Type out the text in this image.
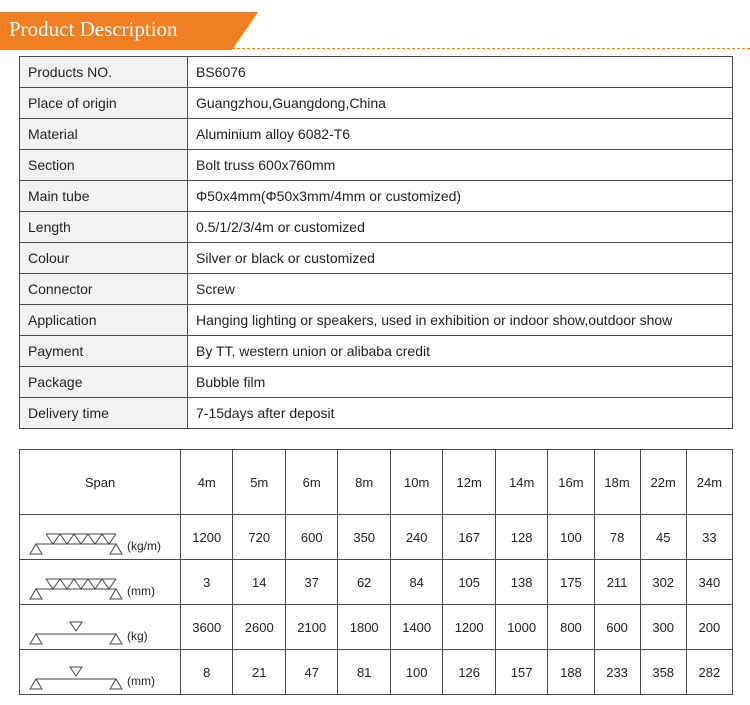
Product Description
Products NO.	BS6076
Place of origin	Guangzhou,Guangdong,China
Material	Aluminium alloy 6082-T6
Section	Bolt truss 600x760mm
Main tube	Φ50x4mm(Φ50x3mm/4mm or customized)
Length	0.5/1/2/3/4m or customized
Colour	Silver or black or customized
Connector	Screw
Application	Hanging lighting or speakers, used in exhibition or indoor show,outdoor show
Payment	By TT, western union or alibaba credit
Package	Bubble film
Delivery time	7-15days after deposit
Span	4m	5m	6m	8m	10m	12m	14m	16m	18m	22m	24m

(kg/m)	1200	720	600	350	240	167	128	100	78	45	33

(mm)	3	14	37	62	84	105	138	175	211	302	340

(kg)	3600	2600	2100	1800	1400	1200	1000	800	600	300	200

(mm)	8	21	47	81	100	126	157	188	233	358	282
